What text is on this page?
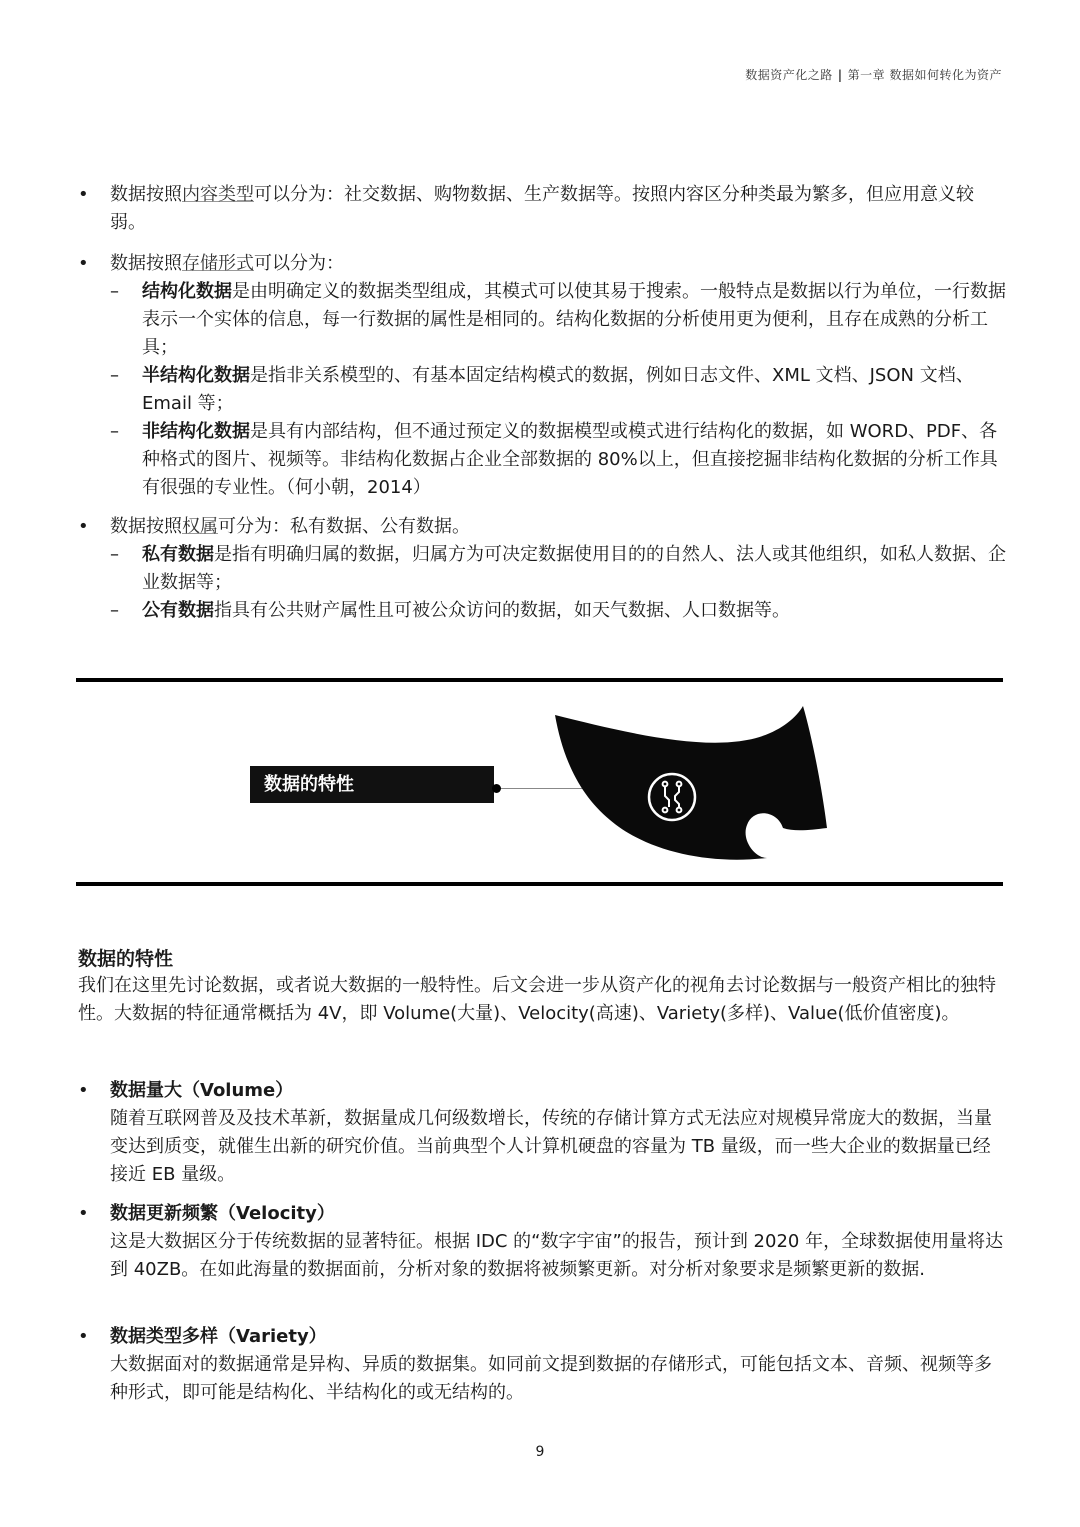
数据资产化之路 | 第一章 数据如何转化为资产
• 数据按照内容类型可以分为：社交数据、购物数据、生产数据等。按照内容区分种类最为繁多，但应用意义较弱。
• 数据按照存储形式可以分为：
– 结构化数据是由明确定义的数据类型组成，其模式可以使其易于搜索。一般特点是数据以行为单位，一行数据表示一个实体的信息，每一行数据的属性是相同的。结构化数据的分析使用更为便利，且存在成熟的分析工具；
– 半结构化数据是指非关系模型的、有基本固定结构模式的数据，例如日志文件、XML 文档、JSON 文档、Email 等；
– 非结构化数据是具有内部结构，但不通过预定义的数据模型或模式进行结构化的数据，如 WORD、PDF、各种格式的图片、视频等。非结构化数据占企业全部数据的 80%以上，但直接挖掘非结构化数据的分析工作具有很强的专业性。（何小朝，2014）
• 数据按照权属可分为：私有数据、公有数据。
– 私有数据是指有明确归属的数据，归属方为可决定数据使用目的的自然人、法人或其他组织，如私人数据、企业数据等；
– 公有数据指具有公共财产属性且可被公众访问的数据，如天气数据、人口数据等。
数据的特性
数据的特性
我们在这里先讨论数据，或者说大数据的一般特性。后文会进一步从资产化的视角去讨论数据与一般资产相比的独特性。大数据的特征通常概括为 4V，即 Volume(大量)、Velocity(高速)、Variety(多样)、Value(低价值密度)。
• 数据量大（Volume）
随着互联网普及及技术革新，数据量成几何级数增长，传统的存储计算方式无法应对规模异常庞大的数据，当量变达到质变，就催生出新的研究价值。当前典型个人计算机硬盘的容量为 TB 量级，而一些大企业的数据量已经接近 EB 量级。
• 数据更新频繁（Velocity）
这是大数据区分于传统数据的显著特征。根据 IDC 的“数字宇宙”的报告，预计到 2020 年，全球数据使用量将达到 40ZB。在如此海量的数据面前，分析对象的数据将被频繁更新。对分析对象要求是频繁更新的数据.
• 数据类型多样（Variety）
大数据面对的数据通常是异构、异质的数据集。如同前文提到数据的存储形式，可能包括文本、音频、视频等多种形式，即可能是结构化、半结构化的或无结构的。
9
